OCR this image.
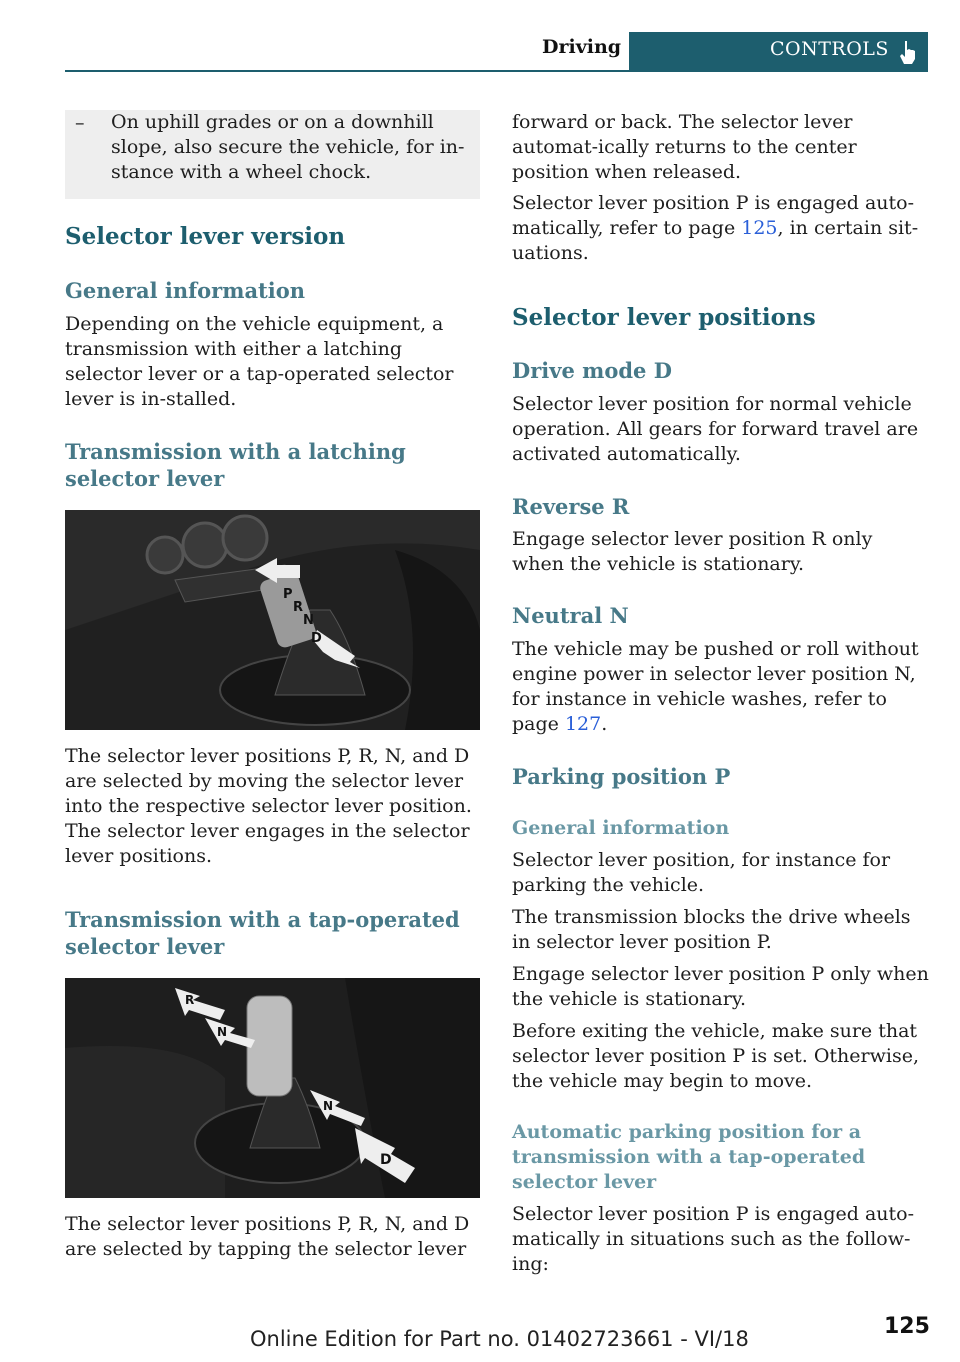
Driving	CONTROLS
– On uphill grades or on a downhill slope, also secure the vehicle, for in‐stance with a wheel chock.
Selector lever version
General information

Depending on the vehicle equipment, a transmission with either a latching selector lever or a tap-operated selector lever is in‐stalled.

Transmission with a latching selector lever
P
R
N
D

The selector lever positions P, R, N, and D are selected by moving the selector lever into the respective selector lever position. The selector lever engages in the selector lever positions.

Transmission with a tap-operated selector lever
R
N
N
D

The selector lever positions P, R, N, and D are selected by tapping the selector lever

forward or back. The selector lever automat‐ically returns to the center position when released.

Selector lever position P is engaged auto‐matically, refer to page 125, in certain sit‐uations.

Selector lever positions
Drive mode D

Selector lever position for normal vehicle operation. All gears for forward travel are activated automatically.

Reverse R

Engage selector lever position R only when the vehicle is stationary.

Neutral N

The vehicle may be pushed or roll without engine power in selector lever position N, for instance in vehicle washes, refer to page 127.

Parking position P
General information

Selector lever position, for instance for parking the vehicle.

The transmission blocks the drive wheels in selector lever position P.

Engage selector lever position P only when the vehicle is stationary.

Before exiting the vehicle, make sure that selector lever position P is set. Otherwise, the vehicle may begin to move.

Automatic parking position for a transmission with a tap-operated selector lever

Selector lever position P is engaged auto‐matically in situations such as the follow‐ing:

Online Edition for Part no. 01402723661 - VI/18	125
